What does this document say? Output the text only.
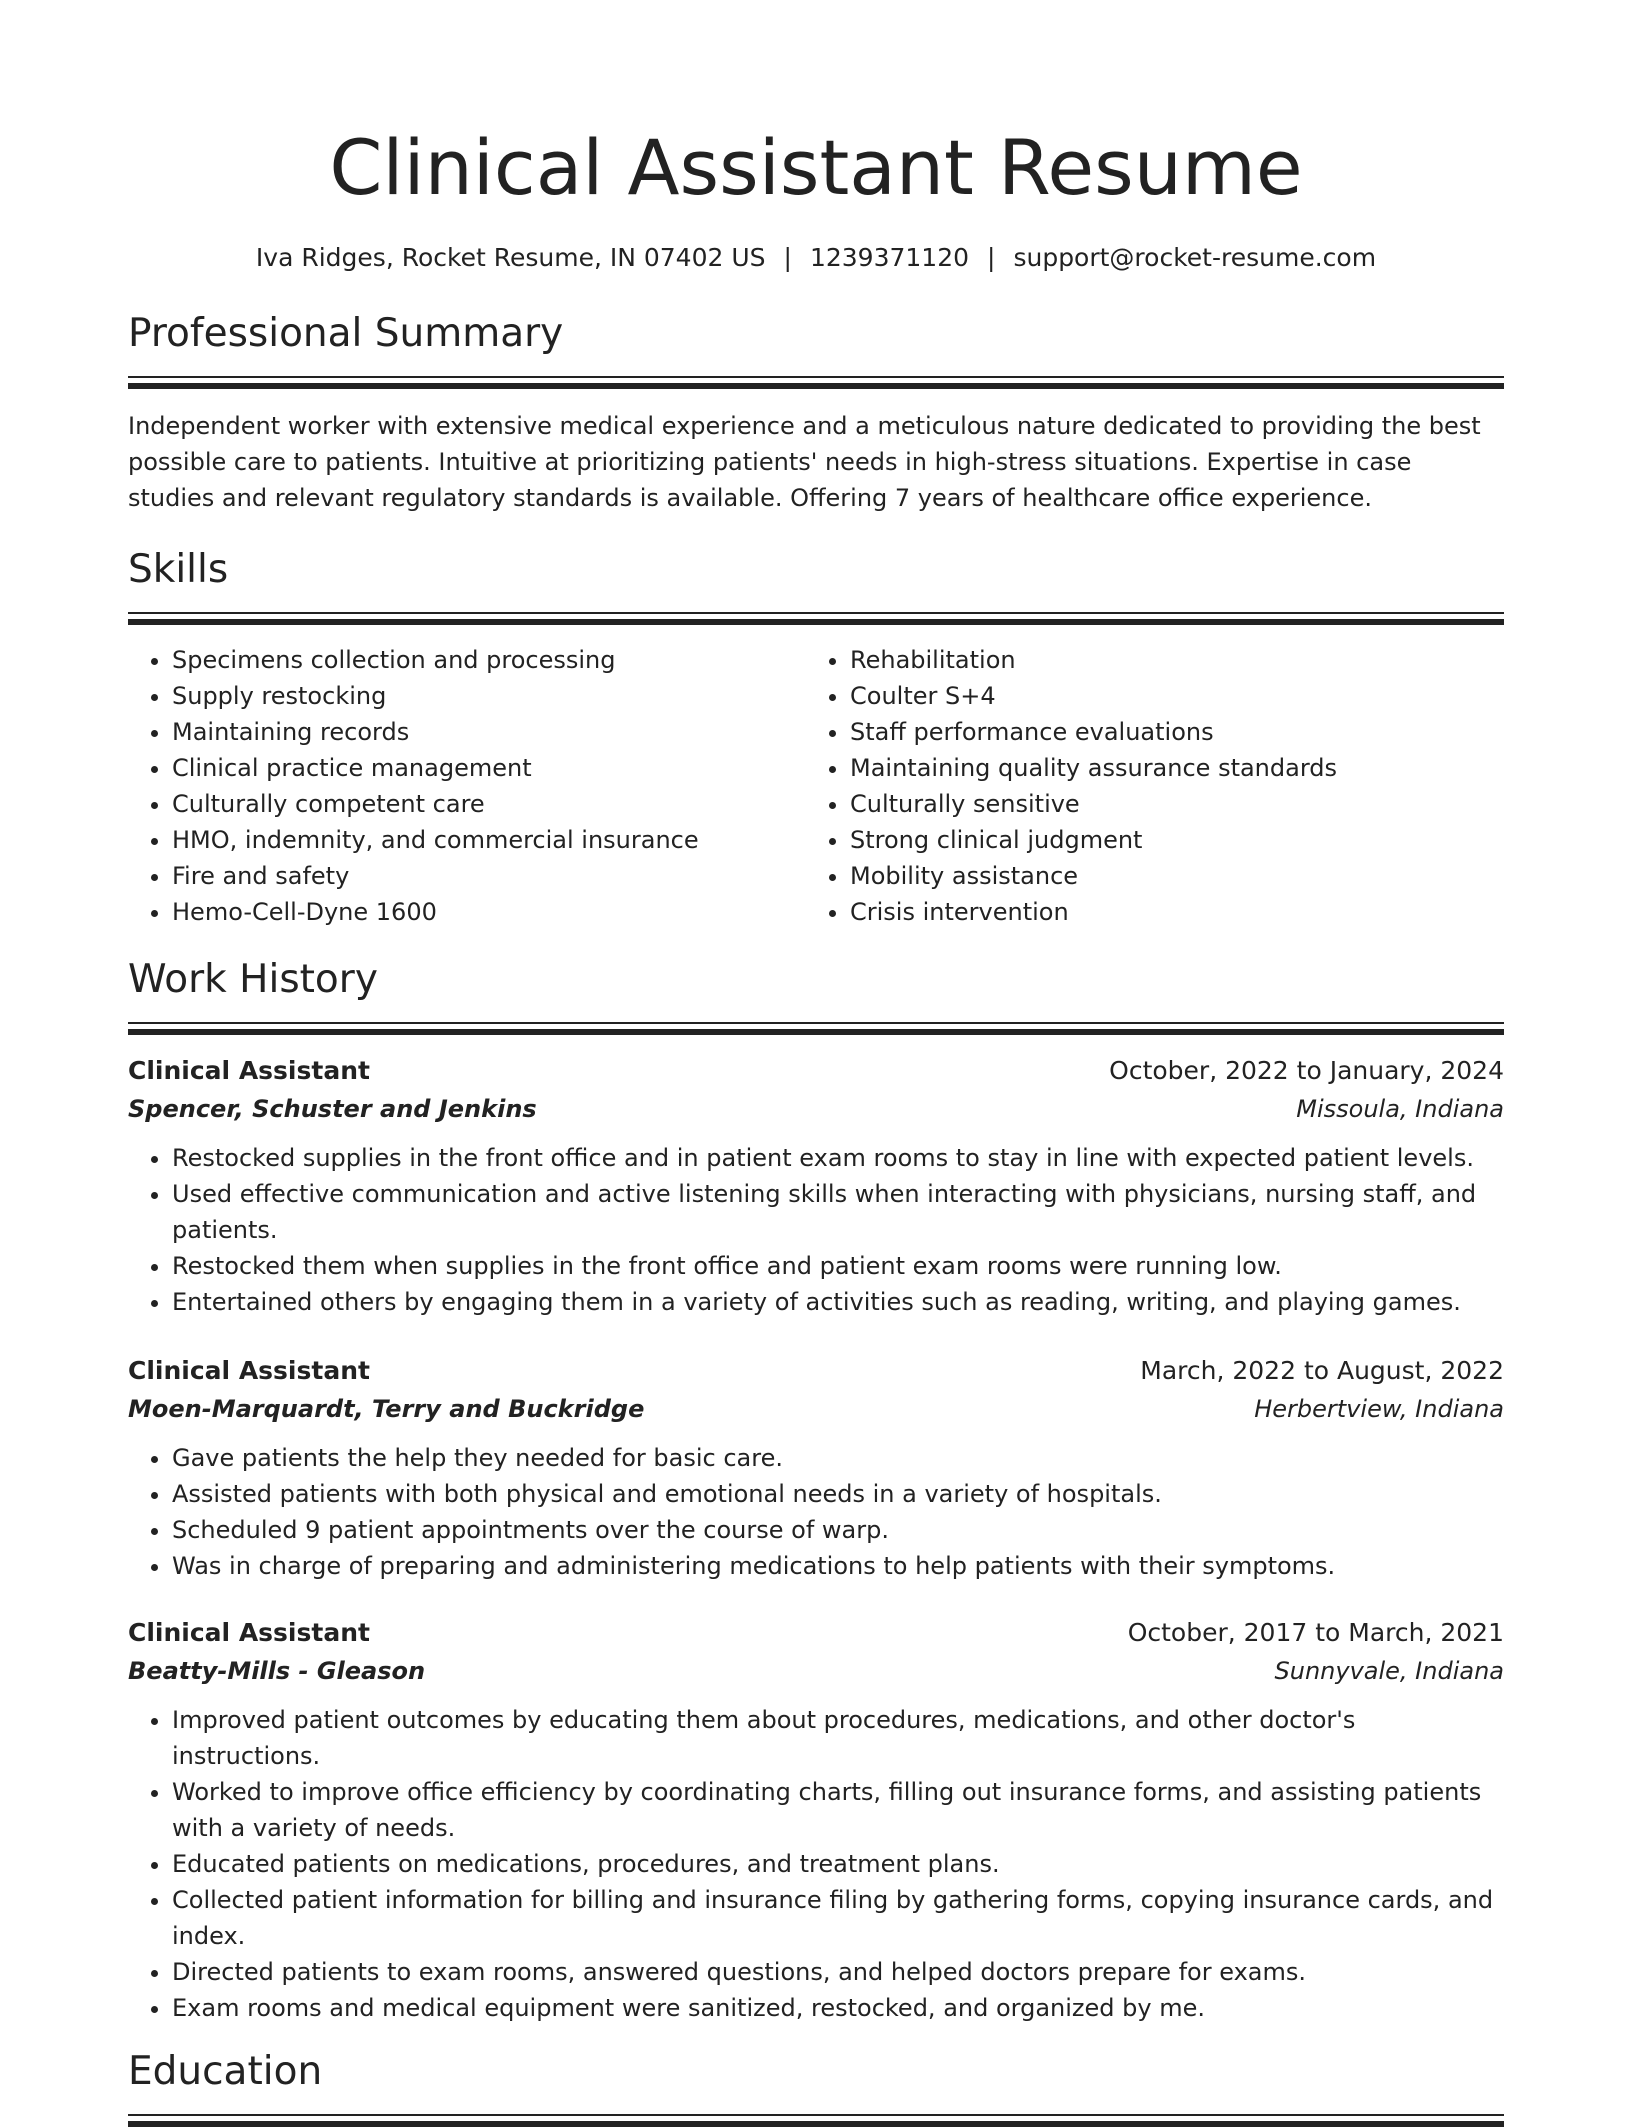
Clinical Assistant Resume
Iva Ridges, Rocket Resume, IN 07402 US | 1239371120 | support@rocket-resume.com
Professional Summary
Independent worker with extensive medical experience and a meticulous nature dedicated to providing the best possible care to patients. Intuitive at prioritizing patients' needs in high-stress situations. Expertise in case studies and relevant regulatory standards is available. Offering 7 years of healthcare office experience.
Skills
• Specimens collection and processing
• Supply restocking
• Maintaining records
• Clinical practice management
• Culturally competent care
• HMO, indemnity, and commercial insurance
• Fire and safety
• Hemo-Cell-Dyne 1600
• Rehabilitation
• Coulter S+4
• Staff performance evaluations
• Maintaining quality assurance standards
• Culturally sensitive
• Strong clinical judgment
• Mobility assistance
• Crisis intervention
Work History
Clinical Assistant	October, 2022 to January, 2024
Spencer, Schuster and Jenkins	Missoula, Indiana
• Restocked supplies in the front office and in patient exam rooms to stay in line with expected patient levels.
• Used effective communication and active listening skills when interacting with physicians, nursing staff, and patients.
• Restocked them when supplies in the front office and patient exam rooms were running low.
• Entertained others by engaging them in a variety of activities such as reading, writing, and playing games.
Clinical Assistant	March, 2022 to August, 2022
Moen-Marquardt, Terry and Buckridge	Herbertview, Indiana
• Gave patients the help they needed for basic care.
• Assisted patients with both physical and emotional needs in a variety of hospitals.
• Scheduled 9 patient appointments over the course of warp.
• Was in charge of preparing and administering medications to help patients with their symptoms.
Clinical Assistant	October, 2017 to March, 2021
Beatty-Mills - Gleason	Sunnyvale, Indiana
• Improved patient outcomes by educating them about procedures, medications, and other doctor's instructions.
• Worked to improve office efficiency by coordinating charts, filling out insurance forms, and assisting patients with a variety of needs.
• Educated patients on medications, procedures, and treatment plans.
• Collected patient information for billing and insurance filing by gathering forms, copying insurance cards, and index.
• Directed patients to exam rooms, answered questions, and helped doctors prepare for exams.
• Exam rooms and medical equipment were sanitized, restocked, and organized by me.
Education
